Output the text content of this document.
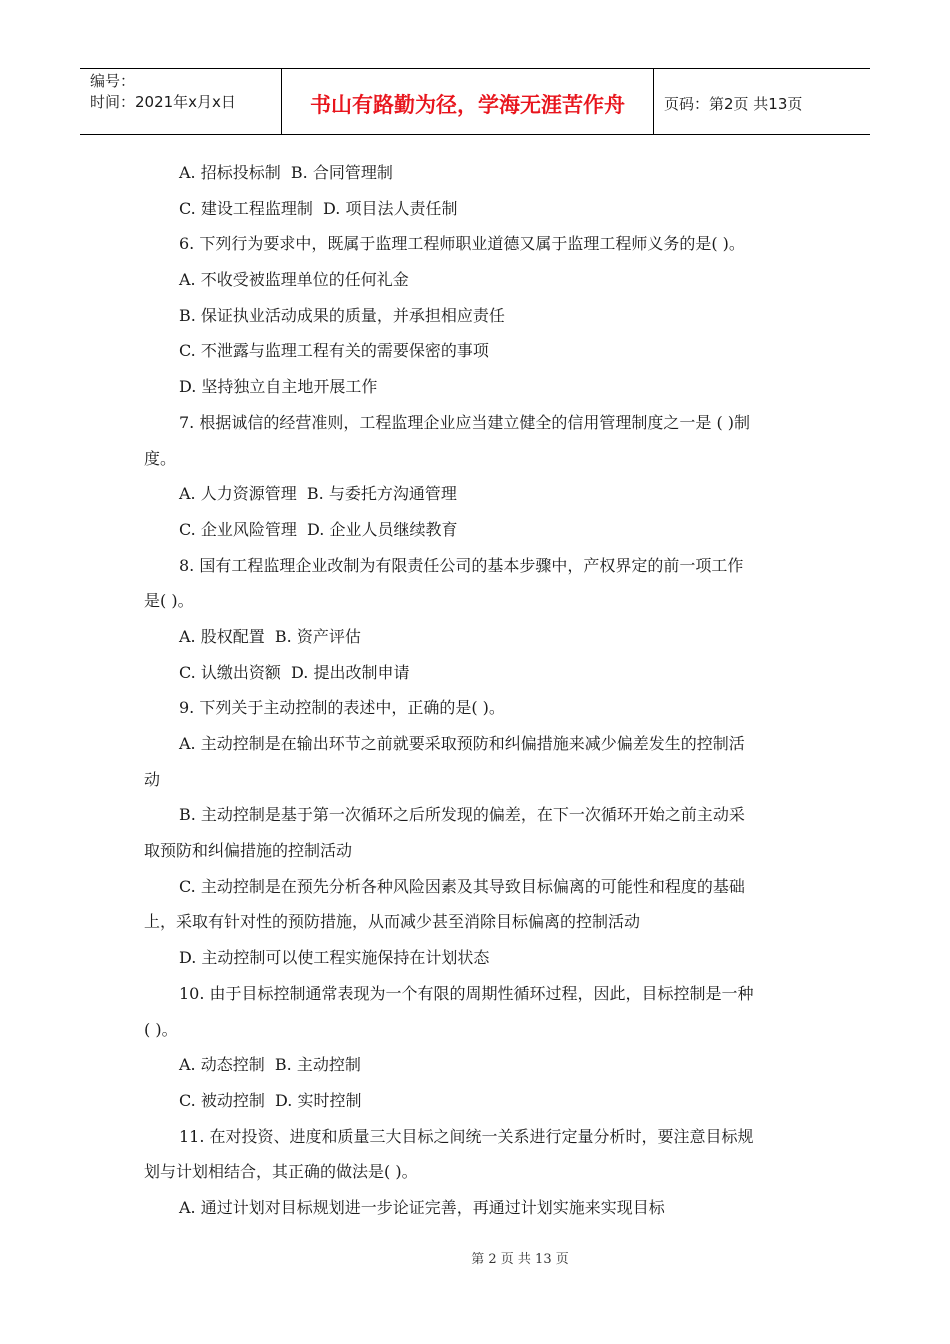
编号：
时间：2021年x月x日	书山有路勤为径，学海无涯苦作舟	页码：第2页 共13页
A. 招标投标制  B. 合同管理制
C. 建设工程监理制  D. 项目法人责任制
6. 下列行为要求中，既属于监理工程师职业道德又属于监理工程师义务的是( )。
A. 不收受被监理单位的任何礼金
B. 保证执业活动成果的质量，并承担相应责任
C. 不泄露与监理工程有关的需要保密的事项
D. 坚持独立自主地开展工作
7. 根据诚信的经营准则，工程监理企业应当建立健全的信用管理制度之一是 ( )制
度。
A. 人力资源管理  B. 与委托方沟通管理
C. 企业风险管理  D. 企业人员继续教育
8. 国有工程监理企业改制为有限责任公司的基本步骤中，产权界定的前一项工作
是( )。
A. 股权配置  B. 资产评估
C. 认缴出资额  D. 提出改制申请
9. 下列关于主动控制的表述中，正确的是( )。
A. 主动控制是在输出环节之前就要采取预防和纠偏措施来减少偏差发生的控制活
动
B. 主动控制是基于第一次循环之后所发现的偏差，在下一次循环开始之前主动采
取预防和纠偏措施的控制活动
C. 主动控制是在预先分析各种风险因素及其导致目标偏离的可能性和程度的基础
上，采取有针对性的预防措施，从而减少甚至消除目标偏离的控制活动
D. 主动控制可以使工程实施保持在计划状态
10. 由于目标控制通常表现为一个有限的周期性循环过程，因此，目标控制是一种
( )。
A. 动态控制  B. 主动控制
C. 被动控制  D. 实时控制
11. 在对投资、进度和质量三大目标之间统一关系进行定量分析时，要注意目标规
划与计划相结合，其正确的做法是( )。
A. 通过计划对目标规划进一步论证完善，再通过计划实施来实现目标
第 2 页 共 13 页
